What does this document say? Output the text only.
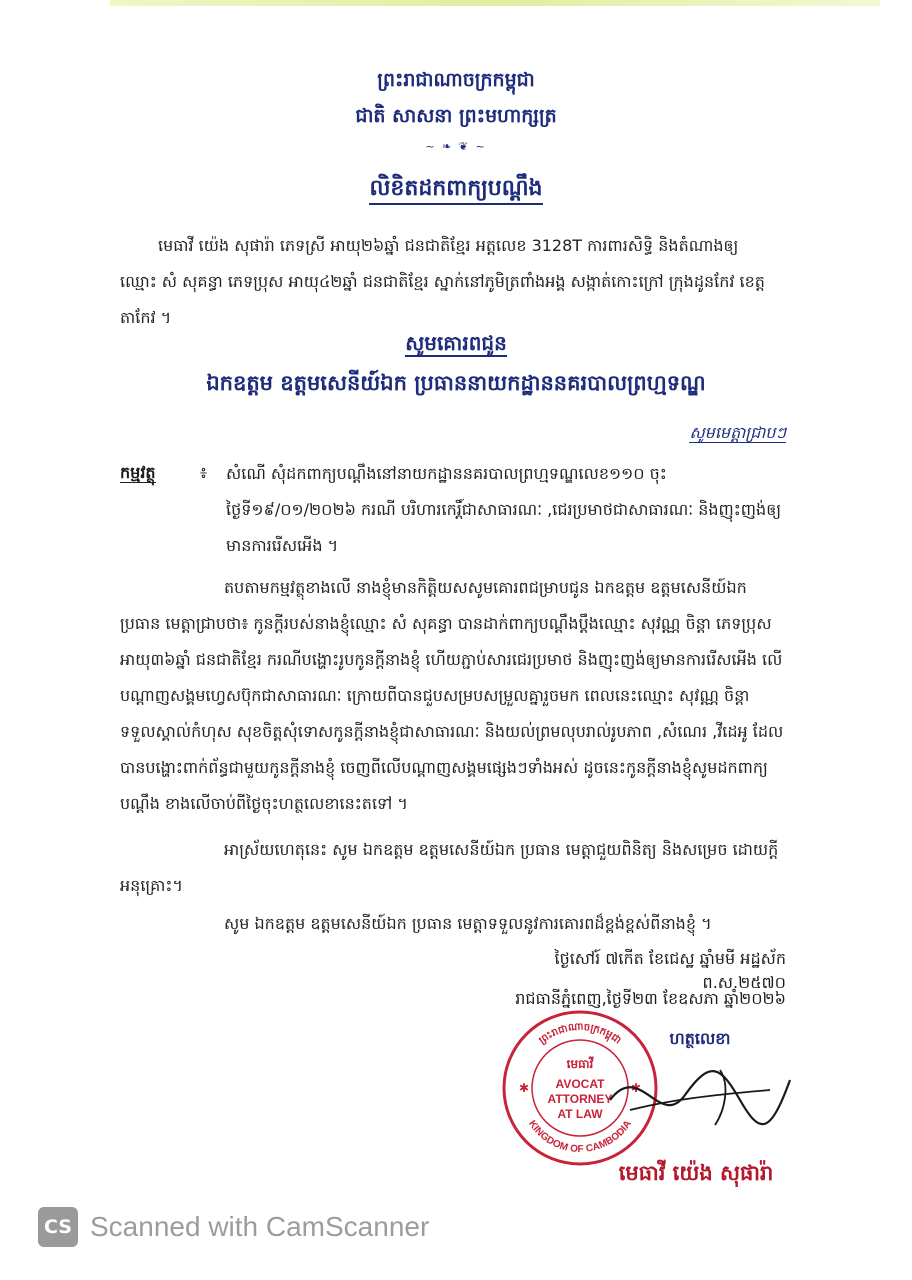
ព្រះរាជាណាចក្រកម្ពុជា
ជាតិ សាសនា ព្រះមហាក្សត្រ
~ ❧ ❦ ~
លិខិតដកពាក្យបណ្តឹង
មេធាវី យ៉េង សុផារ៉ា ភេទស្រី អាយុ២៦ឆ្នាំ ជនជាតិខ្មែរ អត្តលេខ 3128T ការពារសិទ្ធិ និងតំណាងឲ្យ ឈ្មោះ សំ សុគន្ធា ភេទប្រុស អាយុ៤២ឆ្នាំ ជនជាតិខ្មែរ ស្នាក់នៅភូមិត្រពាំងអង្គ សង្កាត់កោះក្រៅ ក្រុងដូនកែវ ខេត្តតាកែវ ។
សូមគោរពជូន
ឯកឧត្តម ឧត្តមសេនីយ៍ឯក ប្រធាននាយកដ្ឋាននគរបាលព្រហ្មទណ្ឌ
សូមមេត្តាជ្រាបៗ
កម្មវត្ថុ	៖ សំណើ សុំដកពាក្យបណ្តឹងនៅនាយកដ្ឋាននគរបាលព្រហ្មទណ្ឌលេខ១១០ ចុះថ្ងៃទី១៩/០១/២០២៦ ករណី បរិហារកេរ្តិ៍ជាសាធារណៈ ,ជេរប្រមាថជាសាធារណៈ និងញុះញង់ឲ្យមានការរើសអើង ។
តបតាមកម្មវត្ថុខាងលើ នាងខ្ញុំមានកិត្តិយសសូមគោរពជម្រាបជូន ឯកឧត្តម ឧត្តមសេនីយ៍ឯក ប្រធាន មេត្តាជ្រាបថា៖ កូនក្តីរបស់នាងខ្ញុំឈ្មោះ សំ សុគន្ធា បានដាក់ពាក្យបណ្តឹងប្តឹងឈ្មោះ សុវណ្ណ ចិន្តា ភេទប្រុស អាយុ៣៦ឆ្នាំ ជនជាតិខ្មែរ ករណីបង្ហោះរូបកូនក្តីនាងខ្ញុំ ហើយភ្ជាប់សារជេរប្រមាថ និងញុះញង់ឲ្យមានការរើសអើង លើបណ្តាញសង្គមហ្វេសប៊ុកជាសាធារណៈ ក្រោយពីបានជួបសម្របសម្រួលគ្នារួចមក ពេលនេះឈ្មោះ សុវណ្ណ ចិន្តា ទទួលស្គាល់កំហុស សុខចិត្តសុំទោសកូនក្តីនាងខ្ញុំជាសាធារណៈ និងយល់ព្រមលុបរាល់រូបភាព ,សំណេរ ,វីដេអូ ដែលបានបង្ហោះពាក់ព័ន្ធជាមួយកូនក្តីនាងខ្ញុំ ចេញពីលើបណ្តាញសង្គមផ្សេងៗទាំងអស់ ដូចនេះកូនក្តីនាងខ្ញុំសូមដកពាក្យបណ្តឹង ខាងលើចាប់ពីថ្ងៃចុះហត្ថលេខានេះតទៅ ។
អាស្រ័យហេតុនេះ សូម ឯកឧត្តម ឧត្តមសេនីយ៍ឯក ប្រធាន មេត្តាជួយពិនិត្យ និងសម្រេច ដោយក្តីអនុគ្រោះ។
សូម ឯកឧត្តម ឧត្តមសេនីយ៍ឯក ប្រធាន មេត្តាទទួលនូវការគោរពដ៏ខ្ពង់ខ្ពស់ពីនាងខ្ញុំ ។
ថ្ងៃសៅរ៍ ៧កើត ខែជេស្ឋ ឆ្នាំមមី អដ្ឋស័ក ព.ស.២៥៧០
រាជធានីភ្នំពេញ,ថ្ងៃទី២៣ ខែឧសភា ឆ្នាំ២០២៦
ហត្ថលេខា
ព្រះរាជាណាចក្រកម្ពុជា
KINGDOM OF CAMBODIA
មេធាវី
AVOCAT
ATTORNEY
AT LAW
✱	✱
មេធាវី យ៉េង សុផារ៉ា
CS Scanned with CamScanner
